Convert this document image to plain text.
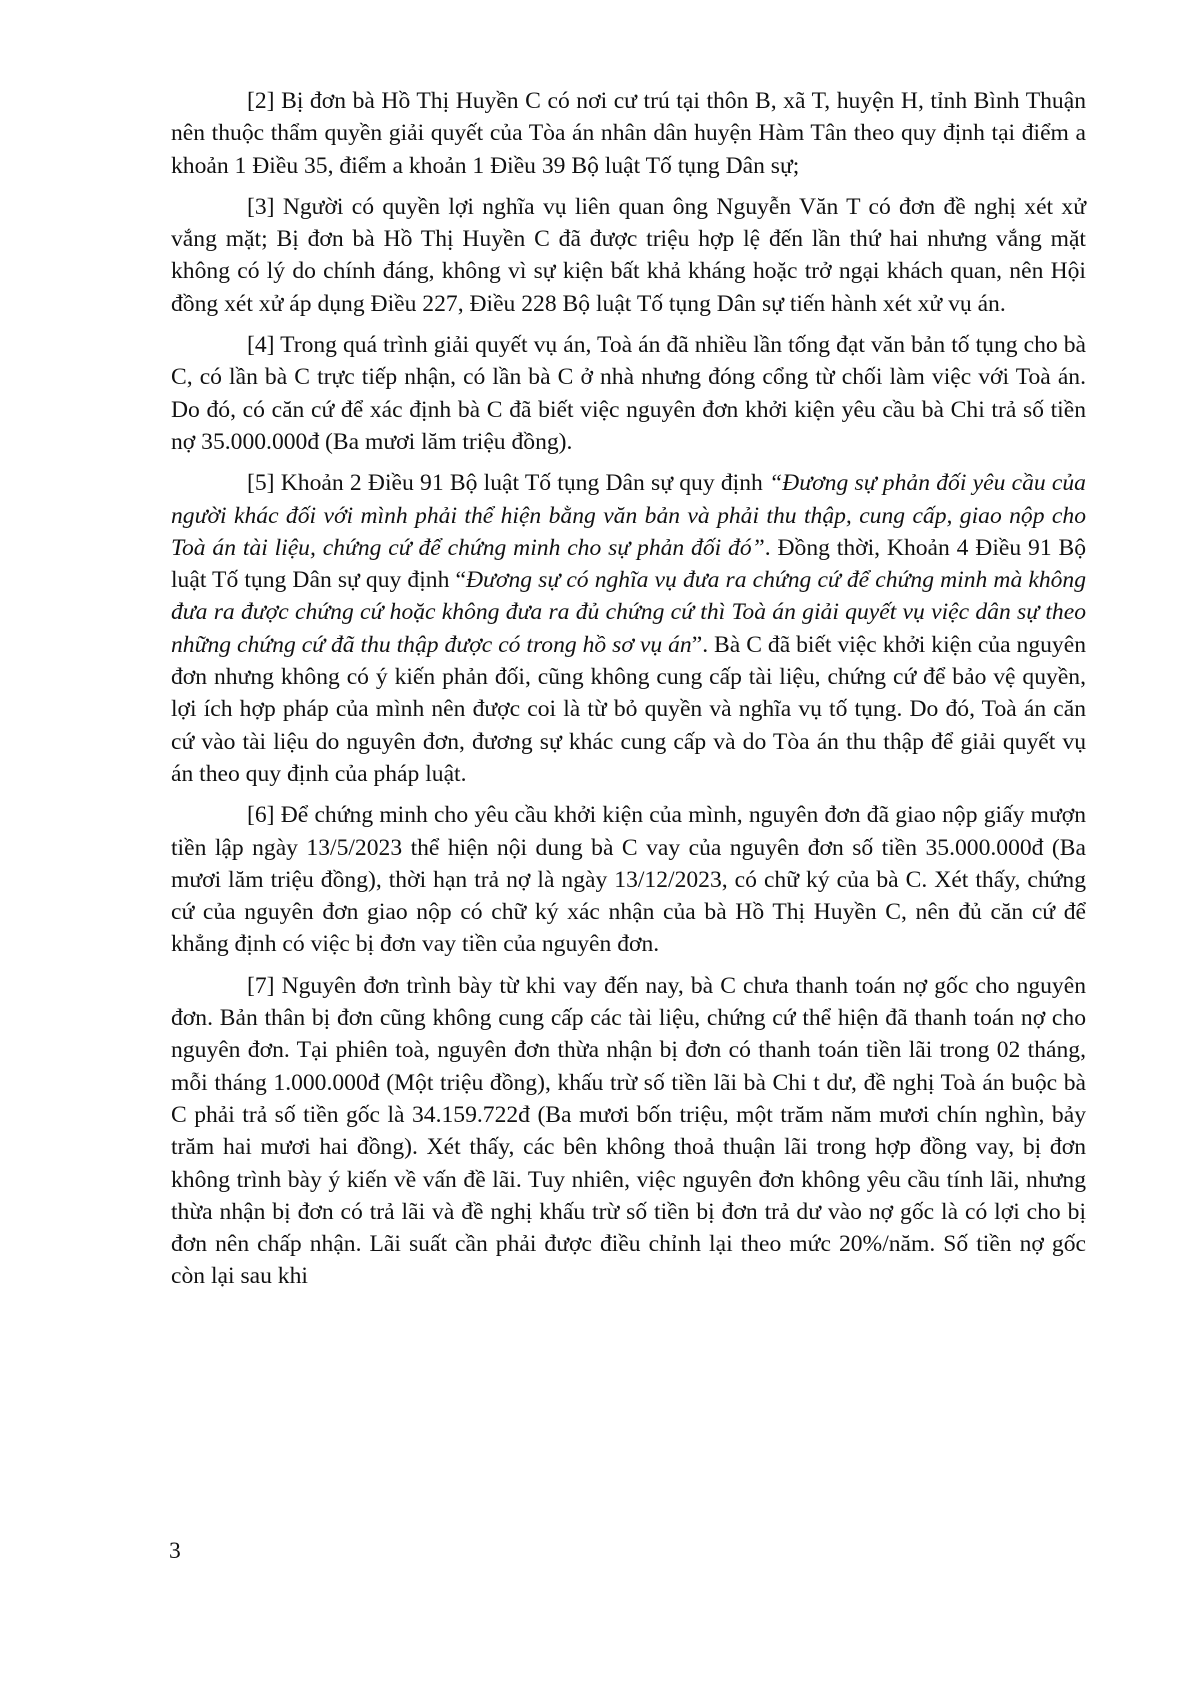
[2] Bị đơn bà Hồ Thị Huyền C có nơi cư trú tại thôn B, xã T, huyện H, tỉnh Bình Thuận nên thuộc thẩm quyền giải quyết của Tòa án nhân dân huyện Hàm Tân theo quy định tại điểm a khoản 1 Điều 35, điểm a khoản 1 Điều 39 Bộ luật Tố tụng Dân sự;

[3] Người có quyền lợi nghĩa vụ liên quan ông Nguyễn Văn T có đơn đề nghị xét xử vắng mặt; Bị đơn bà Hồ Thị Huyền C đã được triệu hợp lệ đến lần thứ hai nhưng vắng mặt không có lý do chính đáng, không vì sự kiện bất khả kháng hoặc trở ngại khách quan, nên Hội đồng xét xử áp dụng Điều 227, Điều 228 Bộ luật Tố tụng Dân sự tiến hành xét xử vụ án.

[4] Trong quá trình giải quyết vụ án, Toà án đã nhiều lần tống đạt văn bản tố tụng cho bà C, có lần bà C trực tiếp nhận, có lần bà C ở nhà nhưng đóng cổng từ chối làm việc với Toà án. Do đó, có căn cứ để xác định bà C đã biết việc nguyên đơn khởi kiện yêu cầu bà Chi trả số tiền nợ 35.000.000đ (Ba mươi lăm triệu đồng).

[5] Khoản 2 Điều 91 Bộ luật Tố tụng Dân sự quy định “Đương sự phản đối yêu cầu của người khác đối với mình phải thể hiện bằng văn bản và phải thu thập, cung cấp, giao nộp cho Toà án tài liệu, chứng cứ để chứng minh cho sự phản đối đó”. Đồng thời, Khoản 4 Điều 91 Bộ luật Tố tụng Dân sự quy định “Đương sự có nghĩa vụ đưa ra chứng cứ để chứng minh mà không đưa ra được chứng cứ hoặc không đưa ra đủ chứng cứ thì Toà án giải quyết vụ việc dân sự theo những chứng cứ đã thu thập được có trong hồ sơ vụ án”. Bà C đã biết việc khởi kiện của nguyên đơn nhưng không có ý kiến phản đối, cũng không cung cấp tài liệu, chứng cứ để bảo vệ quyền, lợi ích hợp pháp của mình nên được coi là từ bỏ quyền và nghĩa vụ tố tụng. Do đó, Toà án căn cứ vào tài liệu do nguyên đơn, đương sự khác cung cấp và do Tòa án thu thập để giải quyết vụ án theo quy định của pháp luật.

[6] Để chứng minh cho yêu cầu khởi kiện của mình, nguyên đơn đã giao nộp giấy mượn tiền lập ngày 13/5/2023 thể hiện nội dung bà C vay của nguyên đơn số tiền 35.000.000đ (Ba mươi lăm triệu đồng), thời hạn trả nợ là ngày 13/12/2023, có chữ ký của bà C. Xét thấy, chứng cứ của nguyên đơn giao nộp có chữ ký xác nhận của bà Hồ Thị Huyền C, nên đủ căn cứ để khẳng định có việc bị đơn vay tiền của nguyên đơn.

[7] Nguyên đơn trình bày từ khi vay đến nay, bà C chưa thanh toán nợ gốc cho nguyên đơn. Bản thân bị đơn cũng không cung cấp các tài liệu, chứng cứ thể hiện đã thanh toán nợ cho nguyên đơn. Tại phiên toà, nguyên đơn thừa nhận bị đơn có thanh toán tiền lãi trong 02 tháng, mỗi tháng 1.000.000đ (Một triệu đồng), khấu trừ số tiền lãi bà Chi t dư, đề nghị Toà án buộc bà C phải trả số tiền gốc là 34.159.722đ (Ba mươi bốn triệu, một trăm năm mươi chín nghìn, bảy trăm hai mươi hai đồng). Xét thấy, các bên không thoả thuận lãi trong hợp đồng vay, bị đơn không trình bày ý kiến về vấn đề lãi. Tuy nhiên, việc nguyên đơn không yêu cầu tính lãi, nhưng thừa nhận bị đơn có trả lãi và đề nghị khấu trừ số tiền bị đơn trả dư vào nợ gốc là có lợi cho bị đơn nên chấp nhận. Lãi suất cần phải được điều chỉnh lại theo mức 20%/năm. Số tiền nợ gốc còn lại sau khi

3
